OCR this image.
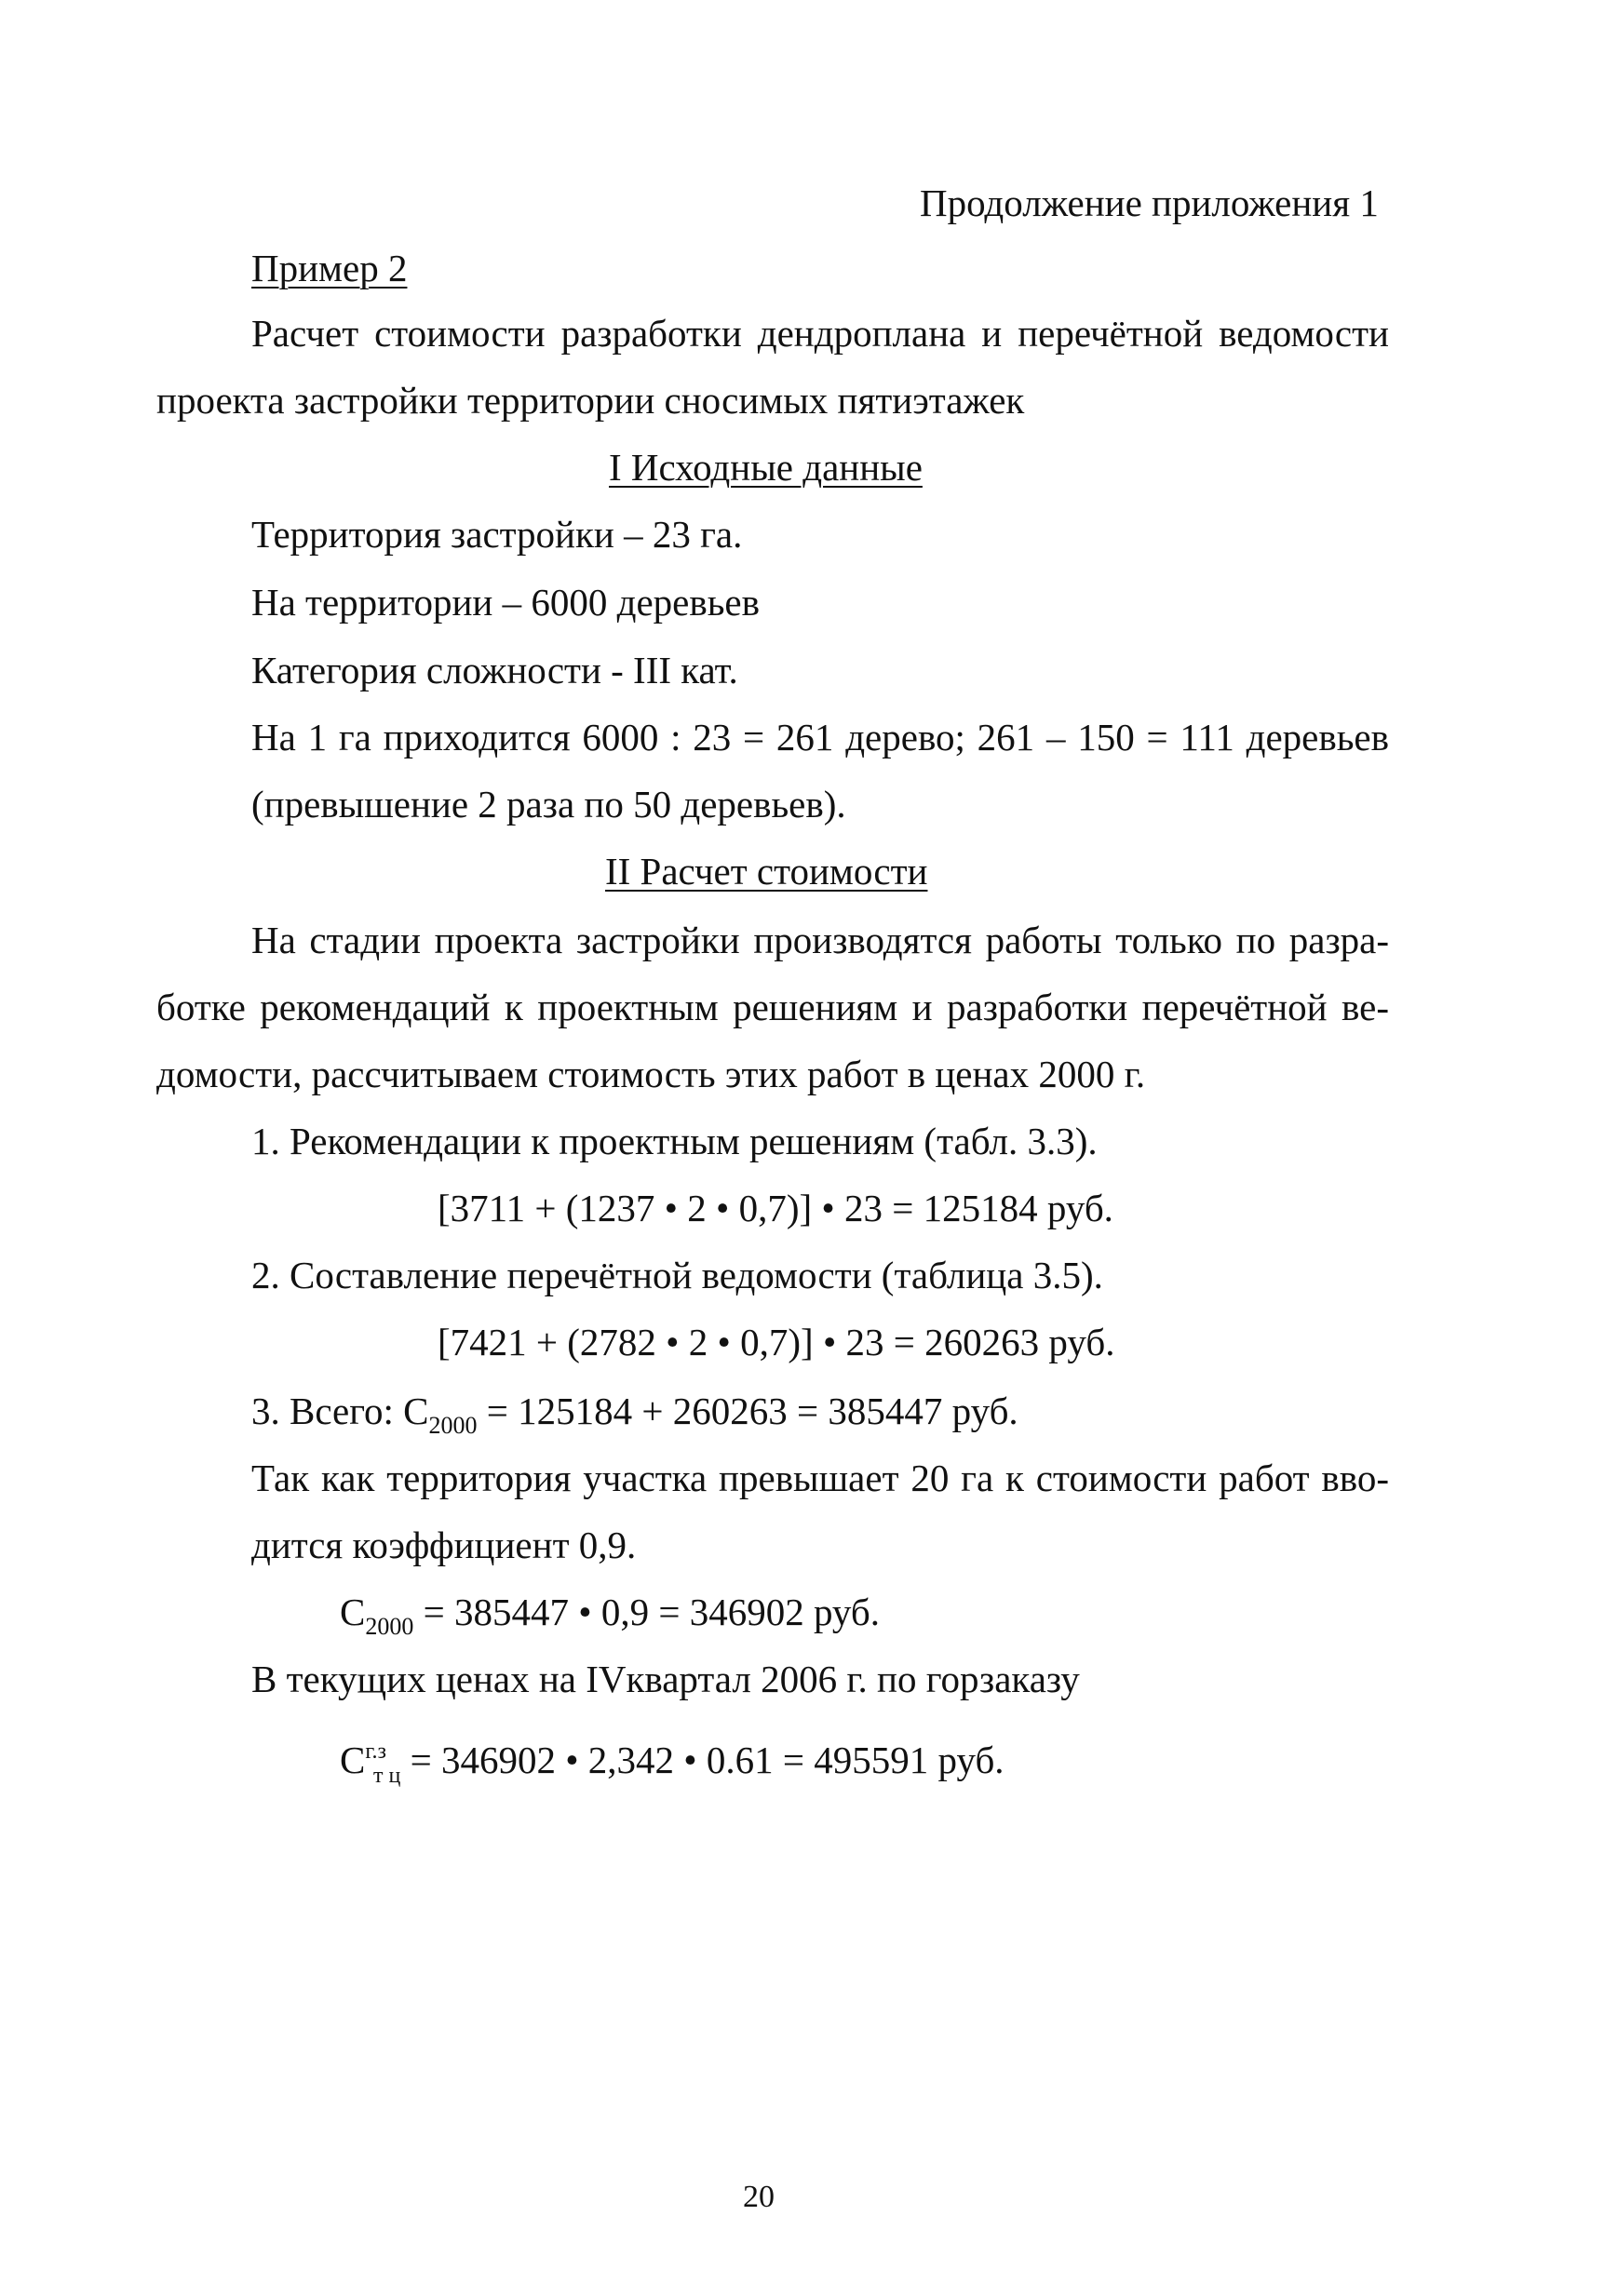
Продолжение приложения 1
Пример 2
Расчет стоимости разработки дендроплана и перечётной ведомости
проекта застройки территории сносимых пятиэтажек
I Исходные данные
Территория застройки – 23 га.
На территории – 6000 деревьев
Категория сложности - III кат.
На 1 га приходится 6000 : 23 = 261 дерево; 261 – 150 = 111 деревьев
(превышение 2 раза по 50 деревьев).
II Расчет стоимости
На стадии проекта застройки производятся работы только по разра-
ботке рекомендаций к проектным решениям и разработки перечётной ве-
домости, рассчитываем стоимость этих работ в ценах 2000 г.
1. Рекомендации к проектным решениям (табл. 3.3).
[3711 + (1237 • 2 • 0,7)] • 23 = 125184 руб.
2. Составление перечётной ведомости (таблица 3.5).
[7421 + (2782 • 2 • 0,7)] • 23 = 260263 руб.
3. Всего: $С_{2000} = 125184 + 260263 = 385447$ руб.
Так как территория участка превышает 20 га к стоимости работ вво-
дится коэффициент 0,9.
$С_{2000} = 385447$ • 0,9 = 346902 руб.
В текущих ценах на IVквартал 2006 г. по горзаказу
$С^{г.з}_{т ц} = 346902$ • 2,342 • 0.61 = 495591 руб.
20
